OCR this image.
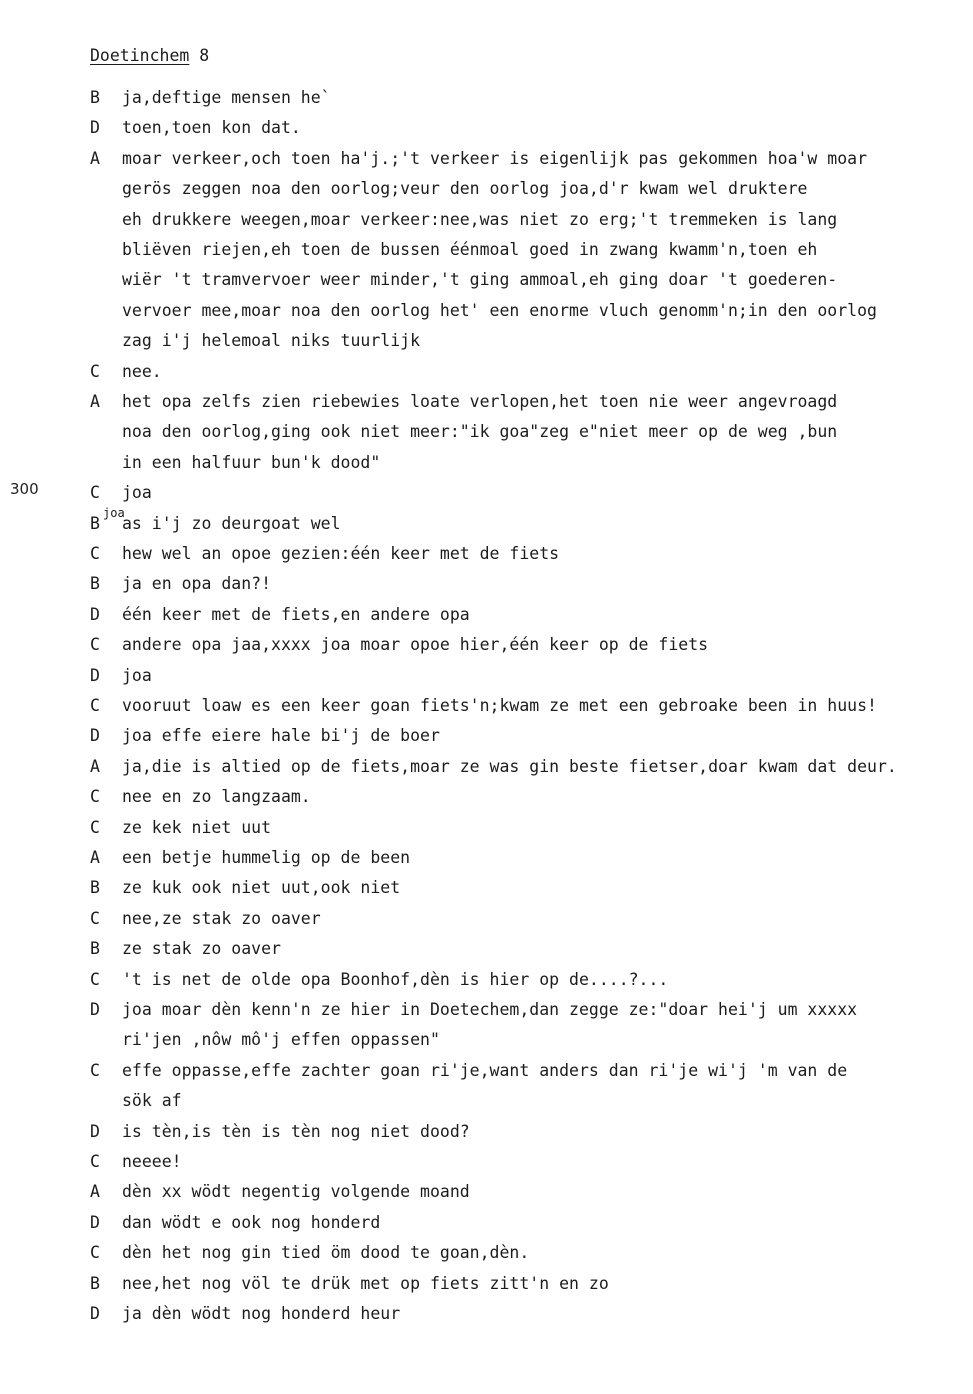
Doetinchem 8
300
B ja,deftige mensen he`
D toen,toen kon dat.
A moar verkeer,och toen ha'j.;'t verkeer is eigenlijk pas gekommen hoa'w moar
gerös zeggen noa den oorlog;veur den oorlog joa,d'r kwam wel druktere
eh drukkere weegen,moar verkeer:nee,was niet zo erg;'t tremmeken is lang
bliëven riejen,eh toen de bussen éénmoal goed in zwang kwamm'n,toen eh
wiër 't tramvervoer weer minder,'t ging ammoal,eh ging doar 't goederen-
vervoer mee,moar noa den oorlog het' een enorme vluch genomm'n;in den oorlog
zag i'j helemoal niks tuurlijk
C nee.
A het opa zelfs zien riebewies loate verlopen,het toen nie weer angevroagd
noa den oorlog,ging ook niet meer:"ik goa"zeg e"niet meer op de weg ,bun
in een halfuur bun'k dood"
C joa
B as i'j zo deurgoat wel
C hew wel an opoe gezien:één keer met de fiets
B ja en opa dan?!
D één keer met de fiets,en andere opa
C andere opa jaa,xxxx joa moar opoe hier,één keer op de fiets
D joa
C vooruut loaw es een keer goan fiets'n;kwam ze met een gebroake been in huus!
D joa effe eiere hale bi'j de boer
A ja,die is altied op de fiets,moar ze was gin beste fietser,doar kwam dat deur.
C nee en zo langzaam.
C ze kek niet uut
A een betje hummelig op de been
B ze kuk ook niet uut,ook niet
C nee,ze stak zo oaver
B ze stak zo oaver
C 't is net de olde opa Boonhof,dèn is hier op de....?...
D joa moar dèn kenn'n ze hier in Doetechem,dan zegge ze:"doar hei'j um xxxxx
ri'jen ,nôw mô'j effen oppassen"
C effe oppasse,effe zachter goan ri'je,want anders dan ri'je wi'j 'm van de
sök af
D is tèn,is tèn is tèn nog niet dood?
C neeee!
A dèn xx wödt negentig volgende moand
D dan wödt e ook nog honderd
C dèn het nog gin tied öm dood te goan,dèn.
B nee,het nog völ te drük met op fiets zitt'n en zo
D ja dèn wödt nog honderd heur
joa
